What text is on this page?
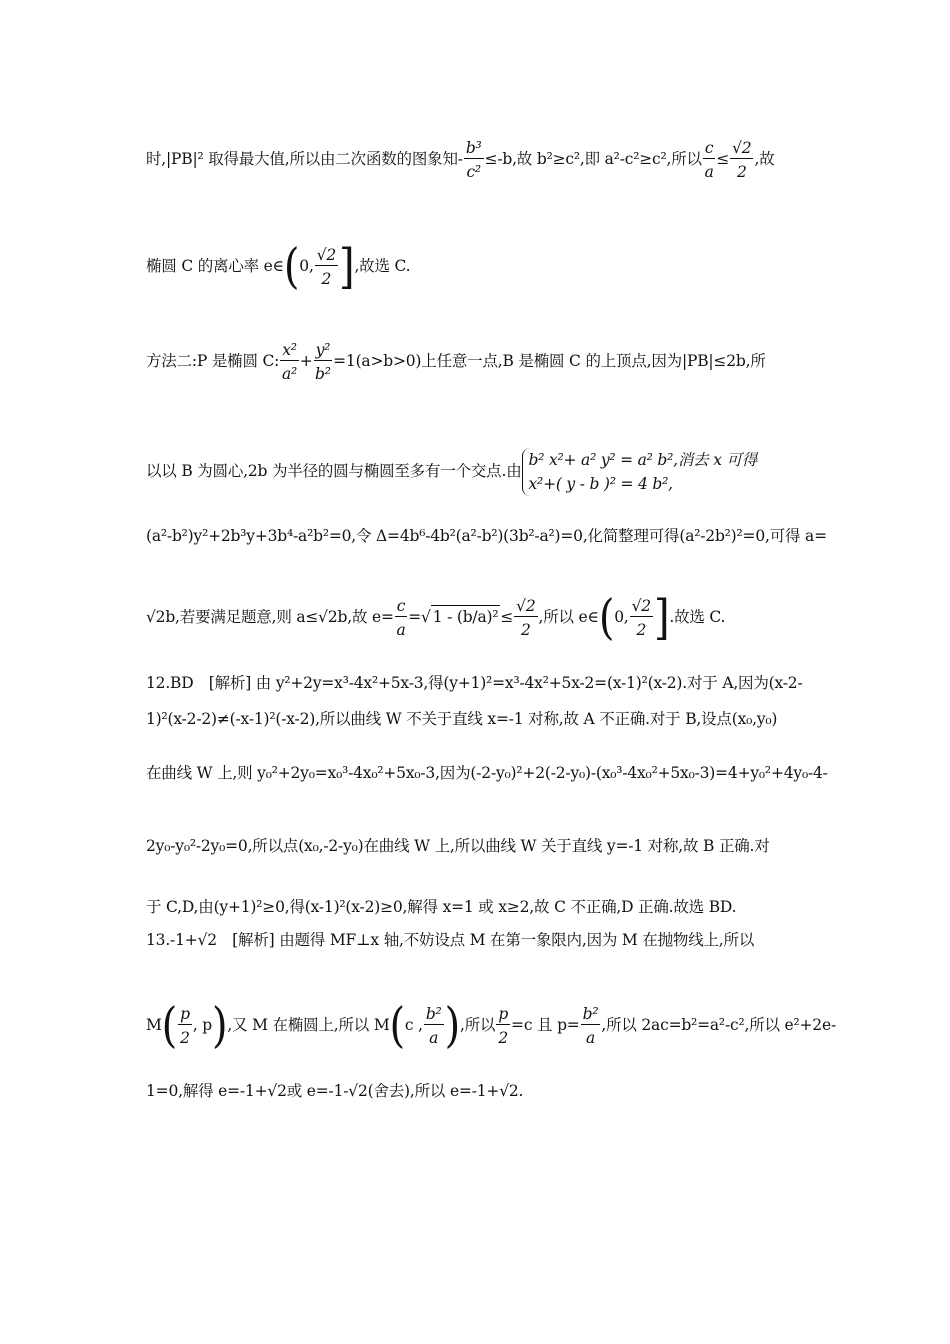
时,|PB|² 取得最大值,所以由二次函数的图象知- $\frac{\text{b³}}{\text{c²}} \le-b$,故 b²≥c²,即 a²-c²≥c²,所以 $\frac{c}{a} \le \frac{√2}{2}$ ,故
椭圆 C 的离心率 e∈(0, $\frac{√2}{2}$ ],故选 C.
方法二:P 是椭圆 C: $\frac{\text{x²}}{\text{a²}} + \frac{\text{y²}}{\text{b²}} =1(a>b>0)$上任意一点,B 是椭圆 C 的上顶点,因为|PB|≤2b,所
以以 B 为圆心,2b 为半径的圆与椭圆至多有一个交点.由
b² x²+ a² y² = a² b²,消去 x 可得
x²+( y - b )² = 4 b²,
(a²-b²)y²+2b³y+3b⁴-a²b²=0,令 Δ=4b⁶-4b²(a²-b²)(3b²-a²)=0,化简整理可得(a²-2b²)²=0,可得 a=
√2b,若要满足题意,则 a≤√2b,故 $e= \frac{c}{a}$ =√ $1 - (b/a)^2 \le \frac{√2}{2}$ ,所以 e∈(0, $\frac{√2}{2}$ ].故选 C.
12.BD　[解析] 由 y²+2y=x³-4x²+5x-3,得(y+1)²=x³-4x²+5x-2=(x-1)²(x-2).对于 A,因为(x-2-
1)²(x-2-2)≠(-x-1)²(-x-2),所以曲线 W 不关于直线 x=-1 对称,故 A 不正确.对于 B,设点(x₀,y₀)
在曲线 W 上,则 y₀²+2y₀=x₀³-4x₀²+5x₀-3,因为(-2-y₀)²+2(-2-y₀)-(x₀³-4x₀²+5x₀-3)=4+y₀²+4y₀-4-
2y₀-y₀²-2y₀=0,所以点(x₀,-2-y₀)在曲线 W 上,所以曲线 W 关于直线 y=-1 对称,故 B 正确.对
于 C,D,由(y+1)²≥0,得(x-1)²(x-2)≥0,解得 x=1 或 x≥2,故 C 不正确,D 正确.故选 BD.
13.-1+√2　[解析] 由题得 MF⊥x 轴,不妨设点 M 在第一象限内,因为 M 在抛物线上,所以
$M( \frac{p}{2}$ , p),又 M 在椭圆上,所以 M(c , $\frac{\text{b²}}{a}$ ),所以 $\frac{p}{2} =c$ 且 $p= \frac{\text{b²}}{a}$ ,所以 2ac=b²=a²-c²,所以 e²+2e-
1=0,解得 e=-1+√2或 e=-1-√2(舍去),所以 e=-1+√2.
